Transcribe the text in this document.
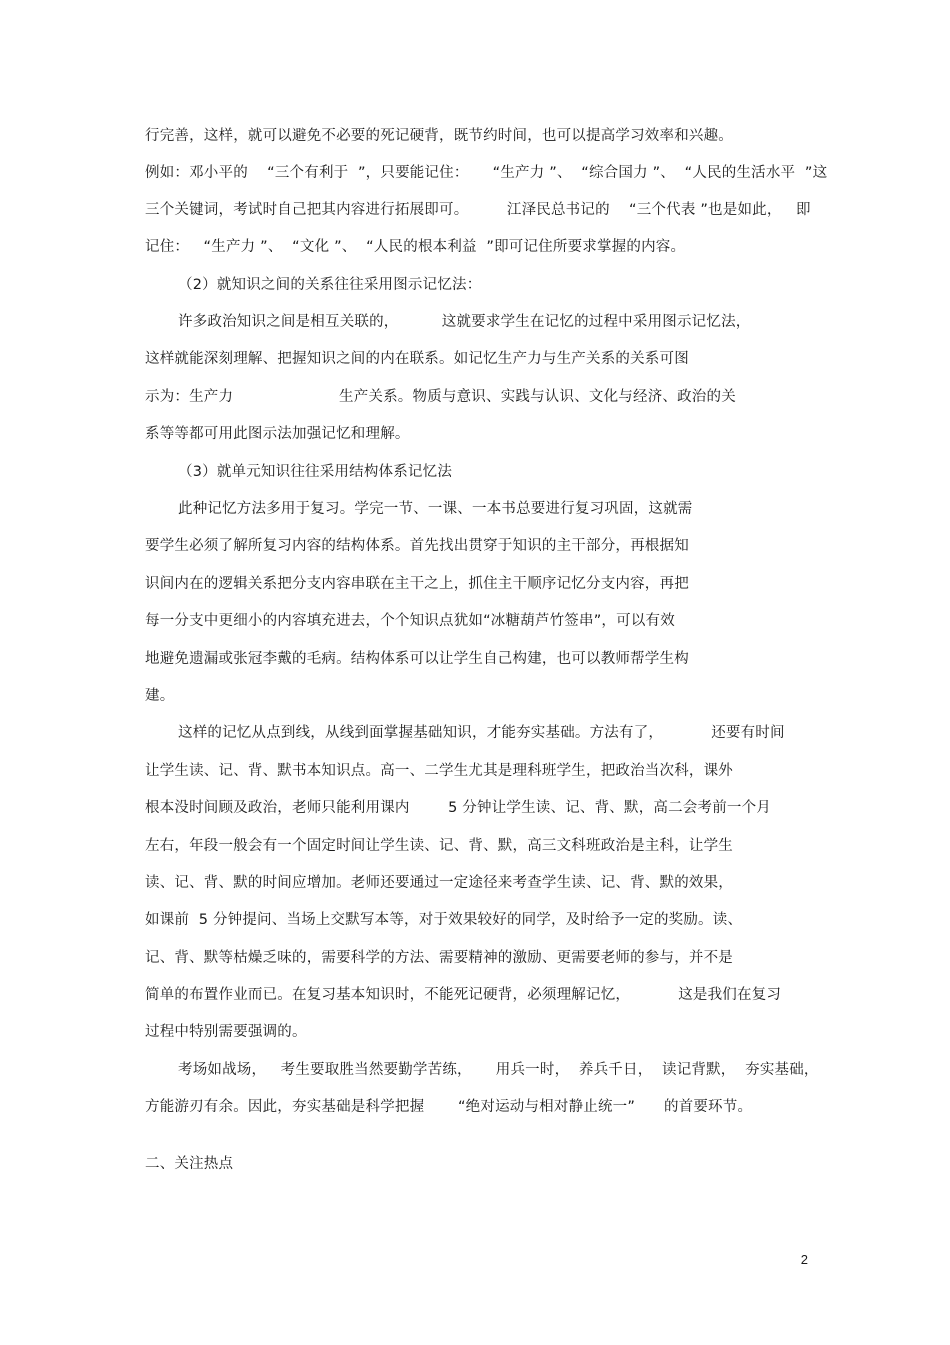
行完善，这样，就可以避免不必要的死记硬背，既节约时间，也可以提高学习效率和兴趣。
例如：邓小平的    “三个有利于  ”，只要能记住：     “生产力 ”、  “综合国力 ”、  “人民的生活水平  ”这
三个关键词，考试时自己把其内容进行拓展即可。        江泽民总书记的    “三个代表 ”也是如此，   即
记住：   “生产力 ”、  “文化 ”、  “人民的根本利益  ”即可记住所要求掌握的内容。
（2）就知识之间的关系往往采用图示记忆法：
许多政治知识之间是相互关联的，         这就要求学生在记忆的过程中采用图示记忆法，
这样就能深刻理解、把握知识之间的内在联系。如记忆生产力与生产关系的关系可图
示为：生产力                      生产关系。物质与意识、实践与认识、文化与经济、政治的关
系等等都可用此图示法加强记忆和理解。
（3）就单元知识往往采用结构体系记忆法
此种记忆方法多用于复习。学完一节、一课、一本书总要进行复习巩固，这就需
要学生必须了解所复习内容的结构体系。首先找出贯穿于知识的主干部分，再根据知
识间内在的逻辑关系把分支内容串联在主干之上，抓住主干顺序记忆分支内容，再把
每一分支中更细小的内容填充进去，个个知识点犹如“冰糖葫芦竹签串”，可以有效
地避免遗漏或张冠李戴的毛病。结构体系可以让学生自己构建，也可以教师帮学生构
建。
这样的记忆从点到线，从线到面掌握基础知识，才能夯实基础。方法有了，          还要有时间
让学生读、记、背、默书本知识点。高一、二学生尤其是理科班学生，把政治当次科，课外
根本没时间顾及政治，老师只能利用课内        5 分钟让学生读、记、背、默，高二会考前一个月
左右，年段一般会有一个固定时间让学生读、记、背、默，高三文科班政治是主科，让学生
读、记、背、默的时间应增加。老师还要通过一定途径来考查学生读、记、背、默的效果，
如课前  5 分钟提问、当场上交默写本等，对于效果较好的同学，及时给予一定的奖励。读、
记、背、默等枯燥乏味的，需要科学的方法、需要精神的激励、更需要老师的参与，并不是
简单的布置作业而已。在复习基本知识时，不能死记硬背，必须理解记忆，          这是我们在复习
过程中特别需要强调的。
考场如战场，   考生要取胜当然要勤学苦练，     用兵一时，  养兵千日，  读记背默，  夯实基础，
方能游刃有余。因此，夯实基础是科学把握       “绝对运动与相对静止统一”      的首要环节。
二、关注热点
2
